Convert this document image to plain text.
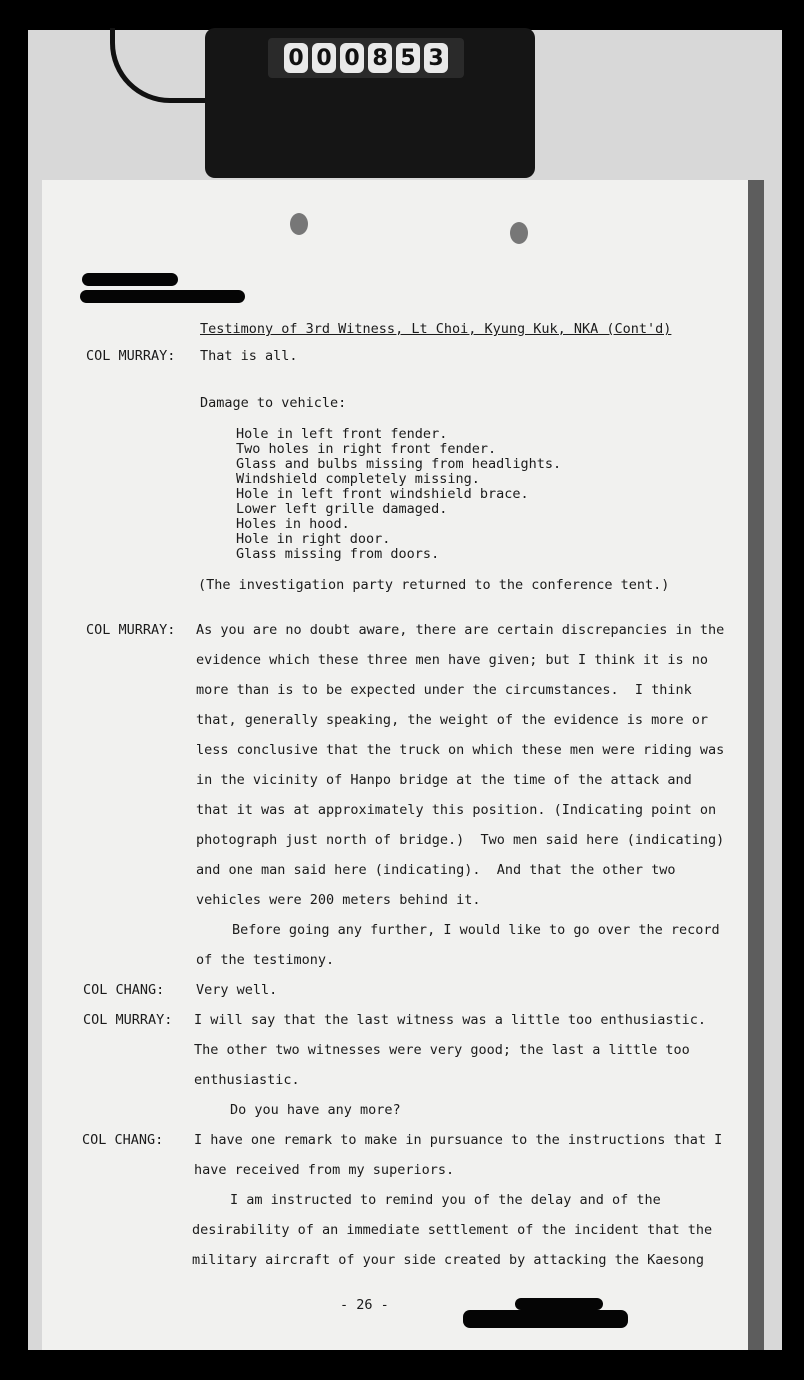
0 0 0 8 5 3
Testimony of 3rd Witness, Lt Choi, Kyung Kuk, NKA (Cont'd)
COL MURRAY: That is all.
Damage to vehicle:
Hole in left front fender.
Two holes in right front fender.
Glass and bulbs missing from headlights.
Windshield completely missing.
Hole in left front windshield brace.
Lower left grille damaged.
Holes in hood.
Hole in right door.
Glass missing from doors.
(The investigation party returned to the conference tent.)
COL MURRAY: As you are no doubt aware, there are certain discrepancies in the
evidence which these three men have given; but I think it is no
more than is to be expected under the circumstances.  I think
that, generally speaking, the weight of the evidence is more or
less conclusive that the truck on which these men were riding was
in the vicinity of Hanpo bridge at the time of the attack and
that it was at approximately this position. (Indicating point on
photograph just north of bridge.)  Two men said here (indicating)
and one man said here (indicating).  And that the other two
vehicles were 200 meters behind it.
Before going any further, I would like to go over the record
of the testimony.
COL CHANG: Very well.
COL MURRAY: I will say that the last witness was a little too enthusiastic.
The other two witnesses were very good; the last a little too
enthusiastic.
Do you have any more?
COL CHANG: I have one remark to make in pursuance to the instructions that I
have received from my superiors.
I am instructed to remind you of the delay and of the
desirability of an immediate settlement of the incident that the
military aircraft of your side created by attacking the Kaesong
- 26 -
